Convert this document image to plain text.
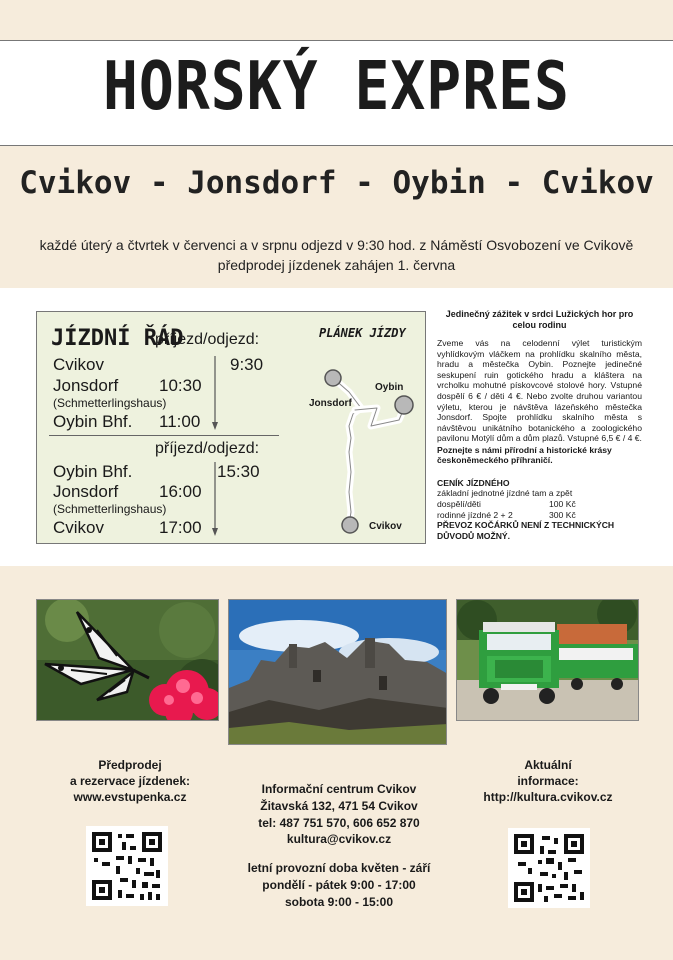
HORSKÝ EXPRES
Cvikov - Jonsdorf - Oybin - Cvikov
každé úterý a čtvrtek v červenci a v srpnu odjezd v 9:30 hod. z Náměstí Osvobození ve Cvikově
předprodej jízdenek zahájen 1. června
JÍZDNÍ ŘÁD
příjezd/odjezd:
Cvikov	9:30
Jonsdorf 10:30
(Schmetterlingshaus)
Oybin Bhf. 11:00
příjezd/odjezd:
Oybin Bhf.	15:30
Jonsdorf 16:00
(Schmetterlingshaus)
Cvikov	17:00
PLÁNEK JÍZDY
Jonsdorf
Oybin
Cvikov
Jedinečný zážitek v srdci Lužických hor pro celou rodinu
Zveme vás na celodenní výlet turistickým vyhlídkovým vláčkem na prohlídku skalního města, hradu a městečka Oybin. Poznejte jedinečné seskupení ruin gotického hradu a kláštera na vrcholku mohutné pískovcové stolové hory. Vstupné dospělí 6 € / děti 4 €. Nebo zvolte druhou variantou výletu, kterou je návštěva lázeňského městečka Jonsdorf. Spojte prohlídku skalního města s návštěvou unikátního botanického a zoologického pavilonu Motýlí dům a dům plazů. Vstupné 6,5 € / 4 €.
Poznejte s námi přírodní a historické krásy českoněmeckého příhraničí.
CENÍK JÍZDNÉHO
základní jednotné jízdné tam a zpět
dospělí/děti	100 Kč
rodinné jízdné 2 + 2	300 Kč
PŘEVOZ KOČÁRKŮ NENÍ Z TECHNICKÝCH DŮVODŮ MOŽNÝ.
Předprodej
a rezervace jízdenek:
www.evstupenka.cz
Informační centrum Cvikov
Žitavská 132, 471 54 Cvikov
tel: 487 751 570, 606 652 870
kultura@cvikov.cz
letní provozní doba květen - září
pondělí - pátek 9:00 - 17:00
sobota 9:00 - 15:00
Aktuální
informace:
http://kultura.cvikov.cz
